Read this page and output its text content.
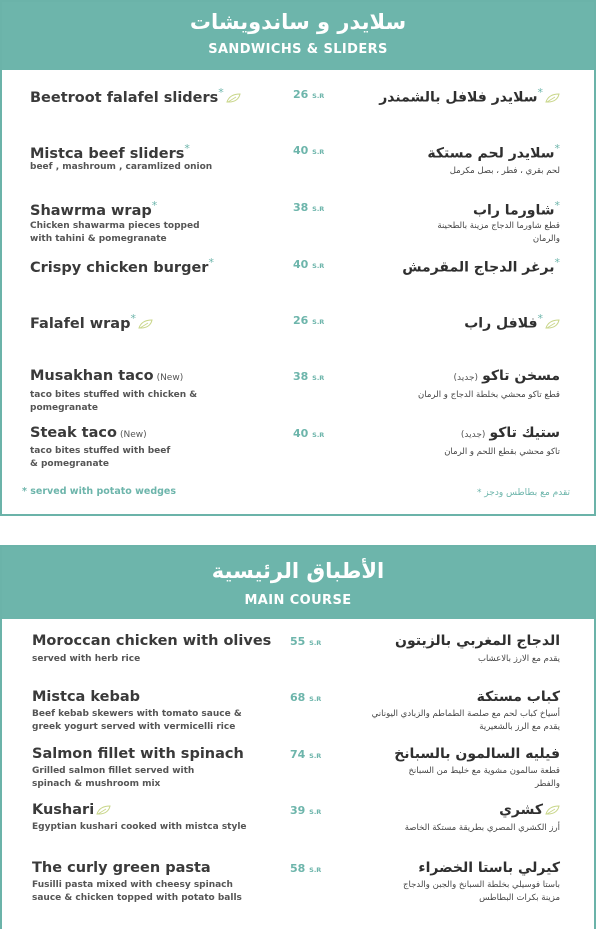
سلايدر و ساندويشات
SANDWICHS & SLIDERS
Beetroot falafel sliders*	26 S.R	*سلايدر فلافل بالشمندر
Mistca beef sliders*
beef , mashroum , caramlized onion
40 S.R	*سلايدر لحم مستكة
لحم بقري ، فطر ، بصل مكرمل
Shawrma wrap*
Chicken shawarma pieces topped with tahini & pomegranate
38 S.R	*شاورما راب
قطع شاورما الدجاج مزينة بالطحينة والرمان
Crispy chicken burger*	40 S.R	*برغر الدجاج المقرمش
Falafel wrap*	26 S.R	*فلافل راب
Musakhan taco (New)
taco bites stuffed with chicken & pomegranate
38 S.R	مسخن تاكو(جديد)
قطع تاكو محشي بخلطة الدجاج و الرمان
Steak taco (New)
taco bites stuffed with beef & pomegranate
40 S.R	ستيك تاكو(جديد)
تاكو محشي بقطع اللحم و الرمان
* served with potato wedges	تقدم مع بطاطس ودجز *
الأطباق الرئيسية
MAIN COURSE
Moroccan chicken with olives
served with herb rice
55 S.R	الدجاج المغربي بالزيتون
يقدم مع الارز بالاعشاب
Mistca kebab
Beef kebab skewers with tomato sauce & greek yogurt served with vermicelli rice
68 S.R	كباب مستكة
أسياخ كباب لحم مع صلصة الطماطم والزبادي اليوناني يقدم مع الرز بالشعيرية
Salmon fillet with spinach
Grilled salmon fillet served with spinach & mushroom mix
74 S.R	فيليه السالمون بالسبانخ
قطعة سالمون مشوية مع خليط من السبانخ والفطر
Kushari
Egyptian kushari cooked with mistca style
39 S.R	كشري
أرز الكشري المصري بطريقة مستكة الخاصة
The curly green pasta
Fusilli pasta mixed with cheesy spinach sauce & chicken topped with potato balls
58 S.R	كيرلي باستا الخضراء
باستا فوسيلي بخلطة السبانخ والجبن والدجاج مزينة بكرات البطاطس
